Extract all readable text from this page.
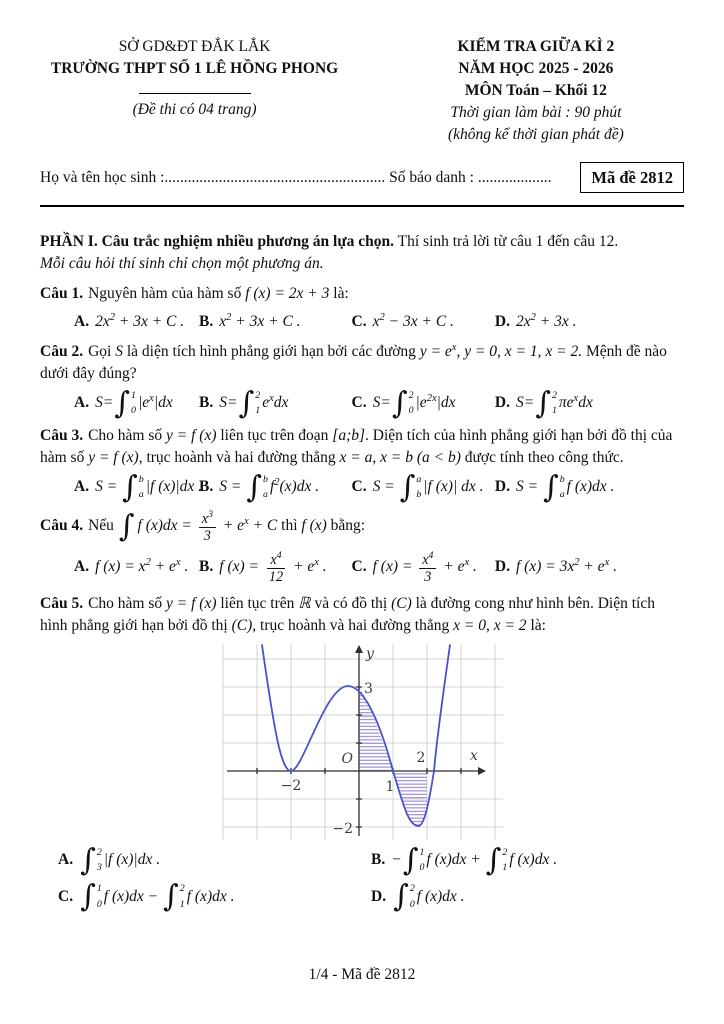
SỞ GD&ĐT ĐẮK LẮK
TRƯỜNG THPT SỐ 1 LÊ HỒNG PHONG
(Đề thi có 04 trang)
KIỂM TRA GIỮA KÌ 2
NĂM HỌC 2025 - 2026
MÔN Toán – Khối 12
Thời gian làm bài : 90 phút
(không kể thời gian phát đề)
Họ và tên học sinh :......................................................... Số báo danh : ...................	Mã đề 2812

PHẦN I. Câu trắc nghiệm nhiều phương án lựa chọn. Thí sinh trả lời từ câu 1 đến câu 12.
Mỗi câu hỏi thí sinh chỉ chọn một phương án.

Câu 1. Nguyên hàm của hàm số f (x) = 2x + 3 là:

A. $2x^2 + 3x + C$ . B. $x^2 + 3x + C$ .	C. $x^2 - 3x + C$ .	D. $2x^2 + 3x$ .

Câu 2. Gọi S là diện tích hình phẳng giới hạn bởi các đường $y = e^x$, y = 0, x = 1, x = 2. Mệnh đề nào dưới đây đúng?

A. S= ∫ 1
0 $|e^x|dx$	B. S= ∫ 2
1 $e^xdx$	C. S= ∫ 2
0 $|e^{2x}|dx$	D. S= ∫ 2
1 $\pi e^xdx$

Câu 3. Cho hàm số y = f (x) liên tục trên đoạn [a;b]. Diện tích của hình phẳng giới hạn bởi đồ thị của hàm số y = f (x), trục hoành và hai đường thẳng x = a, x = b (a < b) được tính theo công thức.

A. S = ∫ b
a |f (x)|dx .
B. S = ∫ b
a $f^2(x)dx$ .	C. S = ∫ a
b |f (x)| dx . D. S = ∫ b
a f (x)dx .

Câu 4. Nếu ∫ f $(x)dx = \frac{x^3}{3} + e^x + C$ thì f (x) bằng:

A. f $(x) = x^2 + e^x$ . B. f $(x) = \frac{x^4}{12} + e^x$ .	C. f $(x) = \frac{x^4}{3} + e^x$ .	D. f $(x) = 3x^2 + e^x$ .

Câu 5. Cho hàm số y = f (x) liên tục trên ℝ và có đồ thị (C) là đường cong như hình bên. Diện tích hình phẳng giới hạn bởi đồ thị (C), trục hoành và hai đường thẳng x = 0, x = 2 là:

y
x
O
3
−2	1
2
−2
A. ∫ 2
3 |f (x)|dx .	B. − ∫ 1
0 f (x)dx + ∫ 2
1 f (x)dx .
C. ∫ 1
0 f (x)dx − ∫ 2
1 f (x)dx .	D. ∫ 2
0 f (x)dx .
1/4 - Mã đề 2812
